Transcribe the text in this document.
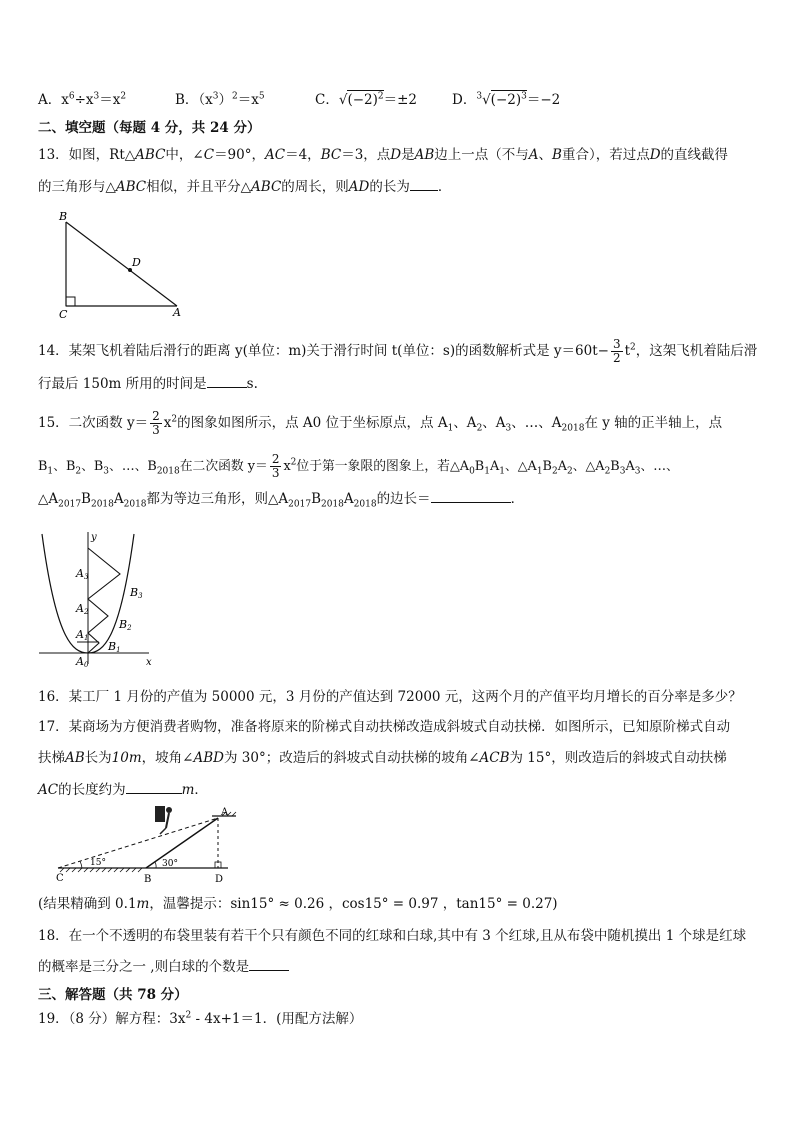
A．$x^6\div x^3=x^2$	B．$(x^3)^2=x^5$	C．$√(-2)^2=\pm 2$	D．$^3√(-2)^3=-2$
二、填空题（每题 4 分，共 24 分）
13．如图，Rt△ABC中，∠C＝90°，AC＝4，BC＝3，点D是AB边上一点（不与A、B重合），若过点D的直线截得
的三角形与△ABC相似，并且平分△ABC的周长，则AD的长为 ．
B
C
D
A
14．某架飞机着陆后滑行的距离 y(单位：m)关于滑行时间 t(单位：s)的函数解析式是 $y=60t- \frac{3}{2} t^2$，这架飞机着陆后滑
行最后 150m 所用的时间是	s.
15．二次函数 $y= \frac{2}{3} x^2$的图象如图所示，点 A0 位于坐标原点，点 $A_1$、$A_2$、$A_3$、…、$A_{2018}$在 y 轴的正半轴上，点
$B_1$、$B_2$、$B_3$、…、$B_{2018}$在二次函数 $y= \frac{2}{3} x^2$位于第一象限的图象上，若$\triangle A_0B_1A_1$、$\triangle A_1B_2A_2$、$\triangle A_2B_3A_3$、…、
$\triangle A_{2017}B_{2018}A_{2018}$都为等边三角形，则$\triangle A_{2017}B_{2018}A_{2018}$的边长＝	．
y
x
A3
A2
A1
A0
B3
B2
B1
16．某工厂 1 月份的产值为 50000 元，3 月份的产值达到 72000 元，这两个月的产值平均月增长的百分率是多少？
17．某商场为方便消费者购物，准备将原来的阶梯式自动扶梯改造成斜坡式自动扶梯．如图所示，已知原阶梯式自动
扶梯AB长为10m，坡角∠ABD为 30°；改造后的斜坡式自动扶梯的坡角∠ACB为 15°，则改造后的斜坡式自动扶梯
AC的长度约为	m．
15°	30°
C	B	D
A
(结果精确到 0.1m，温馨提示：sin15° ≈ 0.26 ，cos15° = 0.97 ，tan15° = 0.27)
18．在一个不透明的布袋里装有若干个只有颜色不同的红球和白球,其中有 3 个红球,且从布袋中随机摸出 1 个球是红球
的概率是三分之一 ,则白球的个数是
三、解答题（共 78 分）
19．（8 分）解方程：$3x^2 - 4x+1=1$．(用配方法解）
